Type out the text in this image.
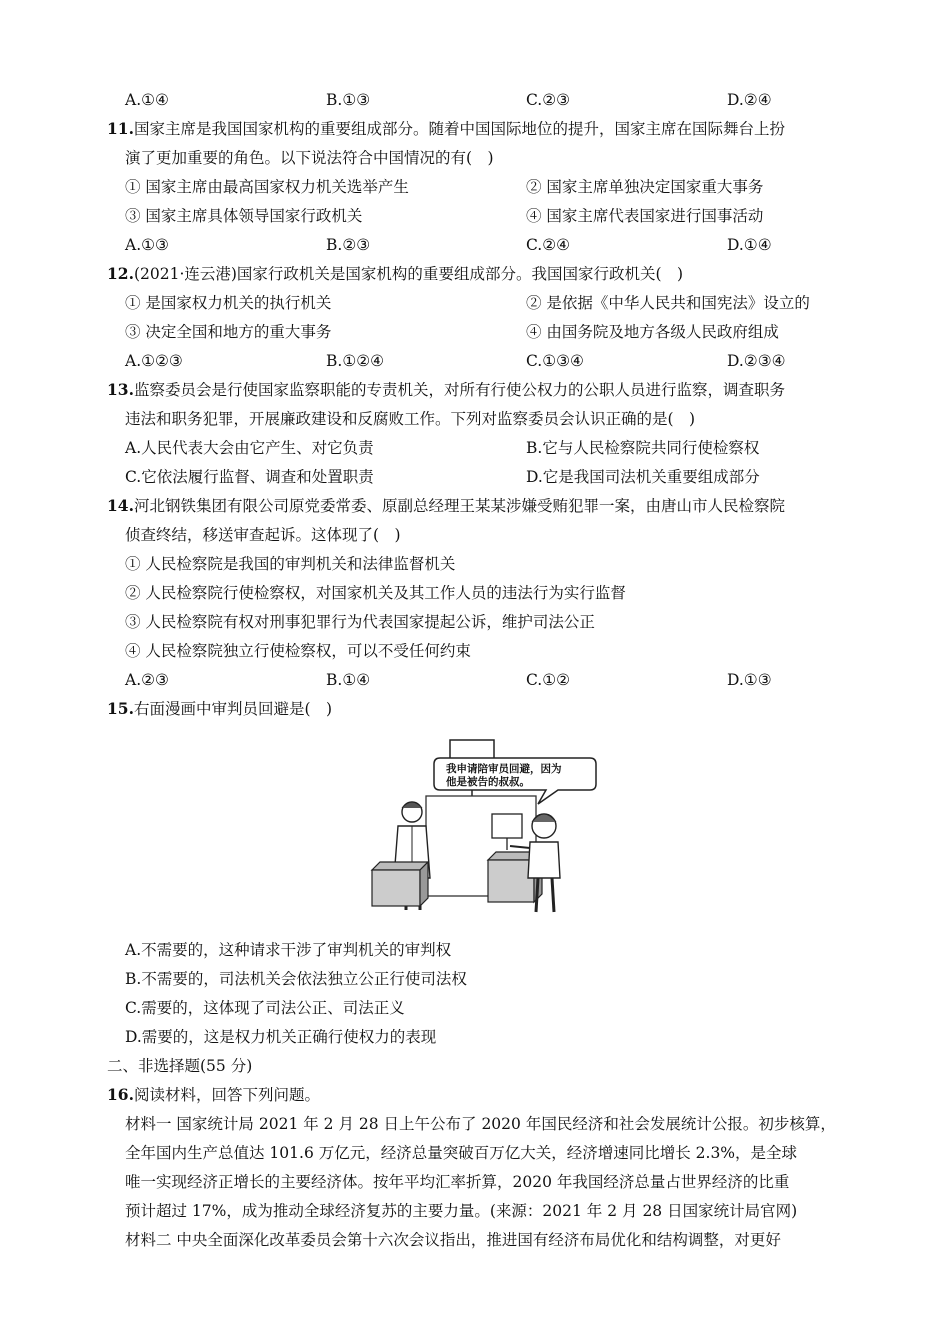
A.①④	B.①③	C.②③	D.②④
11.国家主席是我国国家机构的重要组成部分。随着中国国际地位的提升，国家主席在国际舞台上扮
演了更加重要的角色。以下说法符合中国情况的有(　)
① 国家主席由最高国家权力机关选举产生	② 国家主席单独决定国家重大事务
③ 国家主席具体领导国家行政机关	④ 国家主席代表国家进行国事活动
A.①③	B.②③	C.②④	D.①④
12.(2021·连云港)国家行政机关是国家机构的重要组成部分。我国国家行政机关(　)
① 是国家权力机关的执行机关	② 是依据《中华人民共和国宪法》设立的
③ 决定全国和地方的重大事务	④ 由国务院及地方各级人民政府组成
A.①②③	B.①②④	C.①③④	D.②③④
13.监察委员会是行使国家监察职能的专责机关，对所有行使公权力的公职人员进行监察，调查职务
违法和职务犯罪，开展廉政建设和反腐败工作。下列对监察委员会认识正确的是(　)
A.人民代表大会由它产生、对它负责	B.它与人民检察院共同行使检察权
C.它依法履行监督、调查和处置职责	D.它是我国司法机关重要组成部分
14.河北钢铁集团有限公司原党委常委、原副总经理王某某涉嫌受贿犯罪一案，由唐山市人民检察院
侦查终结，移送审查起诉。这体现了(　)
① 人民检察院是我国的审判机关和法律监督机关
② 人民检察院行使检察权，对国家机关及其工作人员的违法行为实行监督
③ 人民检察院有权对刑事犯罪行为代表国家提起公诉，维护司法公正
④ 人民检察院独立行使检察权，可以不受任何约束
A.②③	B.①④	C.①②	D.①③
15.右面漫画中审判员回避是(　)
我申请陪审员回避，因为
他是被告的叔叔。
A.不需要的，这种请求干涉了审判机关的审判权
B.不需要的，司法机关会依法独立公正行使司法权
C.需要的，这体现了司法公正、司法正义
D.需要的，这是权力机关正确行使权力的表现
二、非选择题(55 分)
16.阅读材料，回答下列问题。
材料一 国家统计局 2021 年 2 月 28 日上午公布了 2020 年国民经济和社会发展统计公报。初步核算，
全年国内生产总值达 101.6 万亿元，经济总量突破百万亿大关，经济增速同比增长 2.3%，是全球
唯一实现经济正增长的主要经济体。按年平均汇率折算，2020 年我国经济总量占世界经济的比重
预计超过 17%，成为推动全球经济复苏的主要力量。(来源：2021 年 2 月 28 日国家统计局官网)
材料二 中央全面深化改革委员会第十六次会议指出，推进国有经济布局优化和结构调整，对更好
